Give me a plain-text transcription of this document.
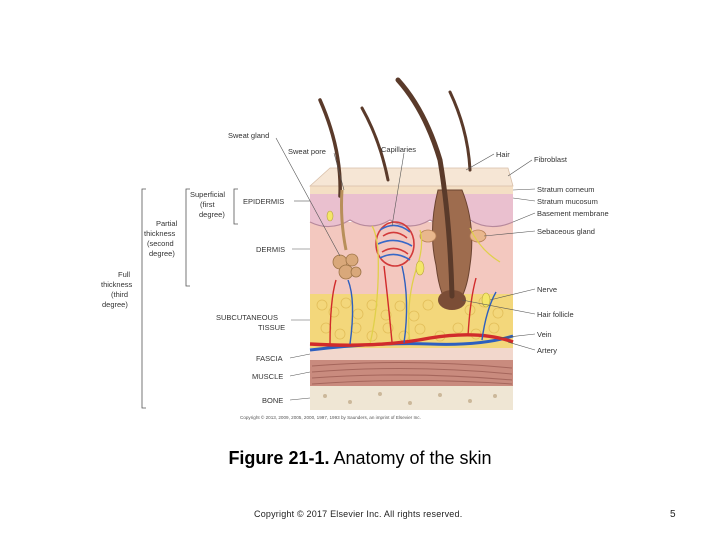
Sweat gland
Sweat pore	Capillaries
Hair
Fibroblast
Stratum corneum
Stratum mucosum
Basement membrane
Sebaceous gland
Nerve
Hair follicle
Vein
Artery
EPIDERMIS
DERMIS
SUBCUTANEOUS
TISSUE
FASCIA
MUSCLE
BONE
Superficial
(first
degree)
Partial
thickness
(second
degree)
Full
thickness
(third
degree)
Copyright © 2013, 2009, 2005, 2000, 1997, 1993 by Saunders, an imprint of Elsevier Inc.
Figure 21-1. Anatomy of the skin
Copyright © 2017 Elsevier Inc. All rights reserved.	5
